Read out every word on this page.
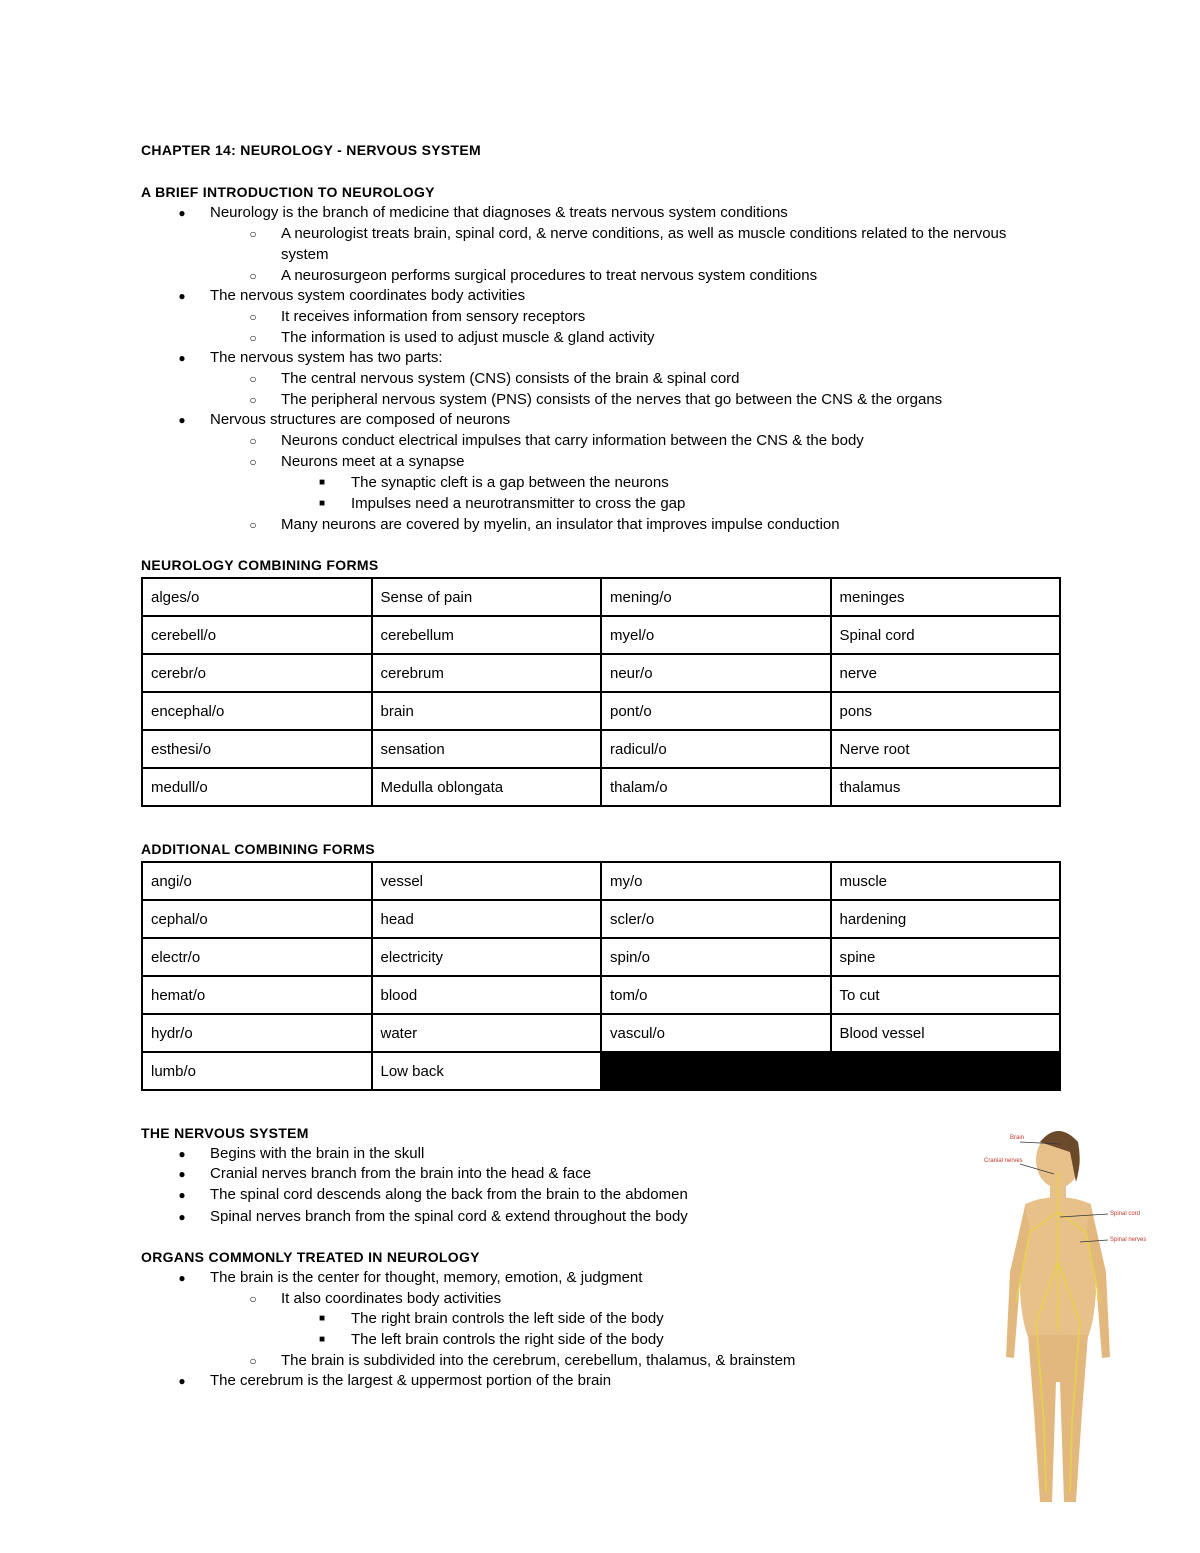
CHAPTER 14: NEUROLOGY - NERVOUS SYSTEM
A BRIEF INTRODUCTION TO NEUROLOGY
● Neurology is the branch of medicine that diagnoses & treats nervous system conditions
○ A neurologist treats brain, spinal cord, & nerve conditions, as well as muscle conditions related to the nervous
system
○ A neurosurgeon performs surgical procedures to treat nervous system conditions
● The nervous system coordinates body activities
○ It receives information from sensory receptors
○ The information is used to adjust muscle & gland activity
● The nervous system has two parts:
○ The central nervous system (CNS) consists of the brain & spinal cord
○ The peripheral nervous system (PNS) consists of the nerves that go between the CNS & the organs
● Nervous structures are composed of neurons
○ Neurons conduct electrical impulses that carry information between the CNS & the body
○ Neurons meet at a synapse
■ The synaptic cleft is a gap between the neurons
■ Impulses need a neurotransmitter to cross the gap
○ Many neurons are covered by myelin, an insulator that improves impulse conduction
NEUROLOGY COMBINING FORMS
alges/o	Sense of pain	mening/o	meninges
cerebell/o	cerebellum	myel/o	Spinal cord
cerebr/o	cerebrum	neur/o	nerve
encephal/o	brain	pont/o	pons
esthesi/o	sensation	radicul/o	Nerve root
medull/o	Medulla oblongata	thalam/o	thalamus
ADDITIONAL COMBINING FORMS
angi/o	vessel	my/o	muscle
cephal/o	head	scler/o	hardening
electr/o	electricity	spin/o	spine
hemat/o	blood	tom/o	To cut
hydr/o	water	vascul/o	Blood vessel
lumb/o	Low back		
THE NERVOUS SYSTEM
● Begins with the brain in the skull
● Cranial nerves branch from the brain into the head & face
● The spinal cord descends along the back from the brain to the abdomen
● Spinal nerves branch from the spinal cord & extend throughout the body
ORGANS COMMONLY TREATED IN NEUROLOGY
● The brain is the center for thought, memory, emotion, & judgment
○ It also coordinates body activities
■ The right brain controls the left side of the body
■ The left brain controls the right side of the body
○ The brain is subdivided into the cerebrum, cerebellum, thalamus, & brainstem
● The cerebrum is the largest & uppermost portion of the brain
Brain
Cranial nerves
Spinal cord
Spinal nerves
